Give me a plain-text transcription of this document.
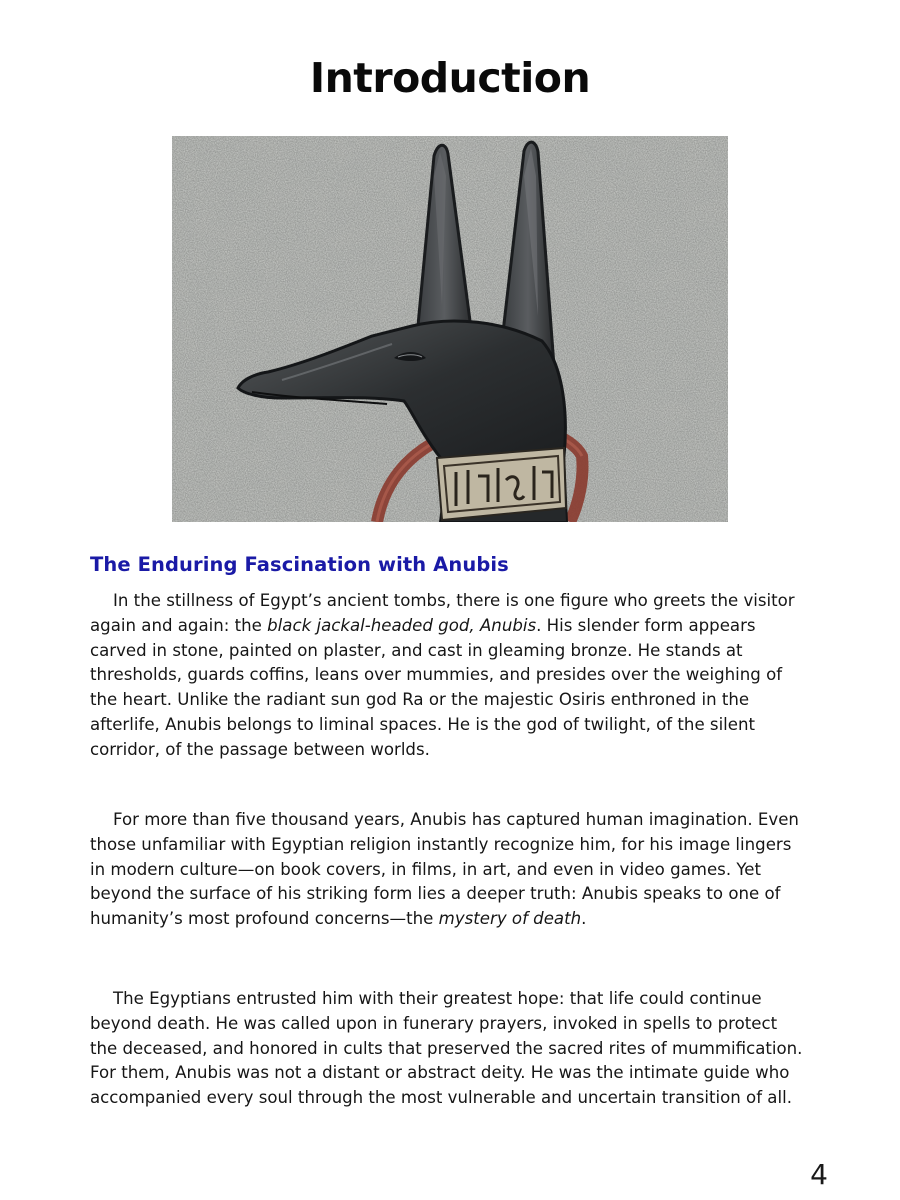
Introduction
The Enduring Fascination with Anubis

In the stillness of Egypt’s ancient tombs, there is one figure who greets the visitor again and again: the black jackal-headed god, Anubis. His slender form appears carved in stone, painted on plaster, and cast in gleaming bronze. He stands at thresholds, guards coffins, leans over mummies, and presides over the weighing of the heart. Unlike the radiant sun god Ra or the majestic Osiris enthroned in the afterlife, Anubis belongs to liminal spaces. He is the god of twilight, of the silent corridor, of the passage between worlds.

For more than five thousand years, Anubis has captured human imagination. Even those unfamiliar with Egyptian religion instantly recognize him, for his image lingers in modern culture—on book covers, in films, in art, and even in video games. Yet beyond the surface of his striking form lies a deeper truth: Anubis speaks to one of humanity’s most profound concerns—the mystery of death.

The Egyptians entrusted him with their greatest hope: that life could continue beyond death. He was called upon in funerary prayers, invoked in spells to protect the deceased, and honored in cults that preserved the sacred rites of mummification. For them, Anubis was not a distant or abstract deity. He was the intimate guide who accompanied every soul through the most vulnerable and uncertain transition of all.

4
